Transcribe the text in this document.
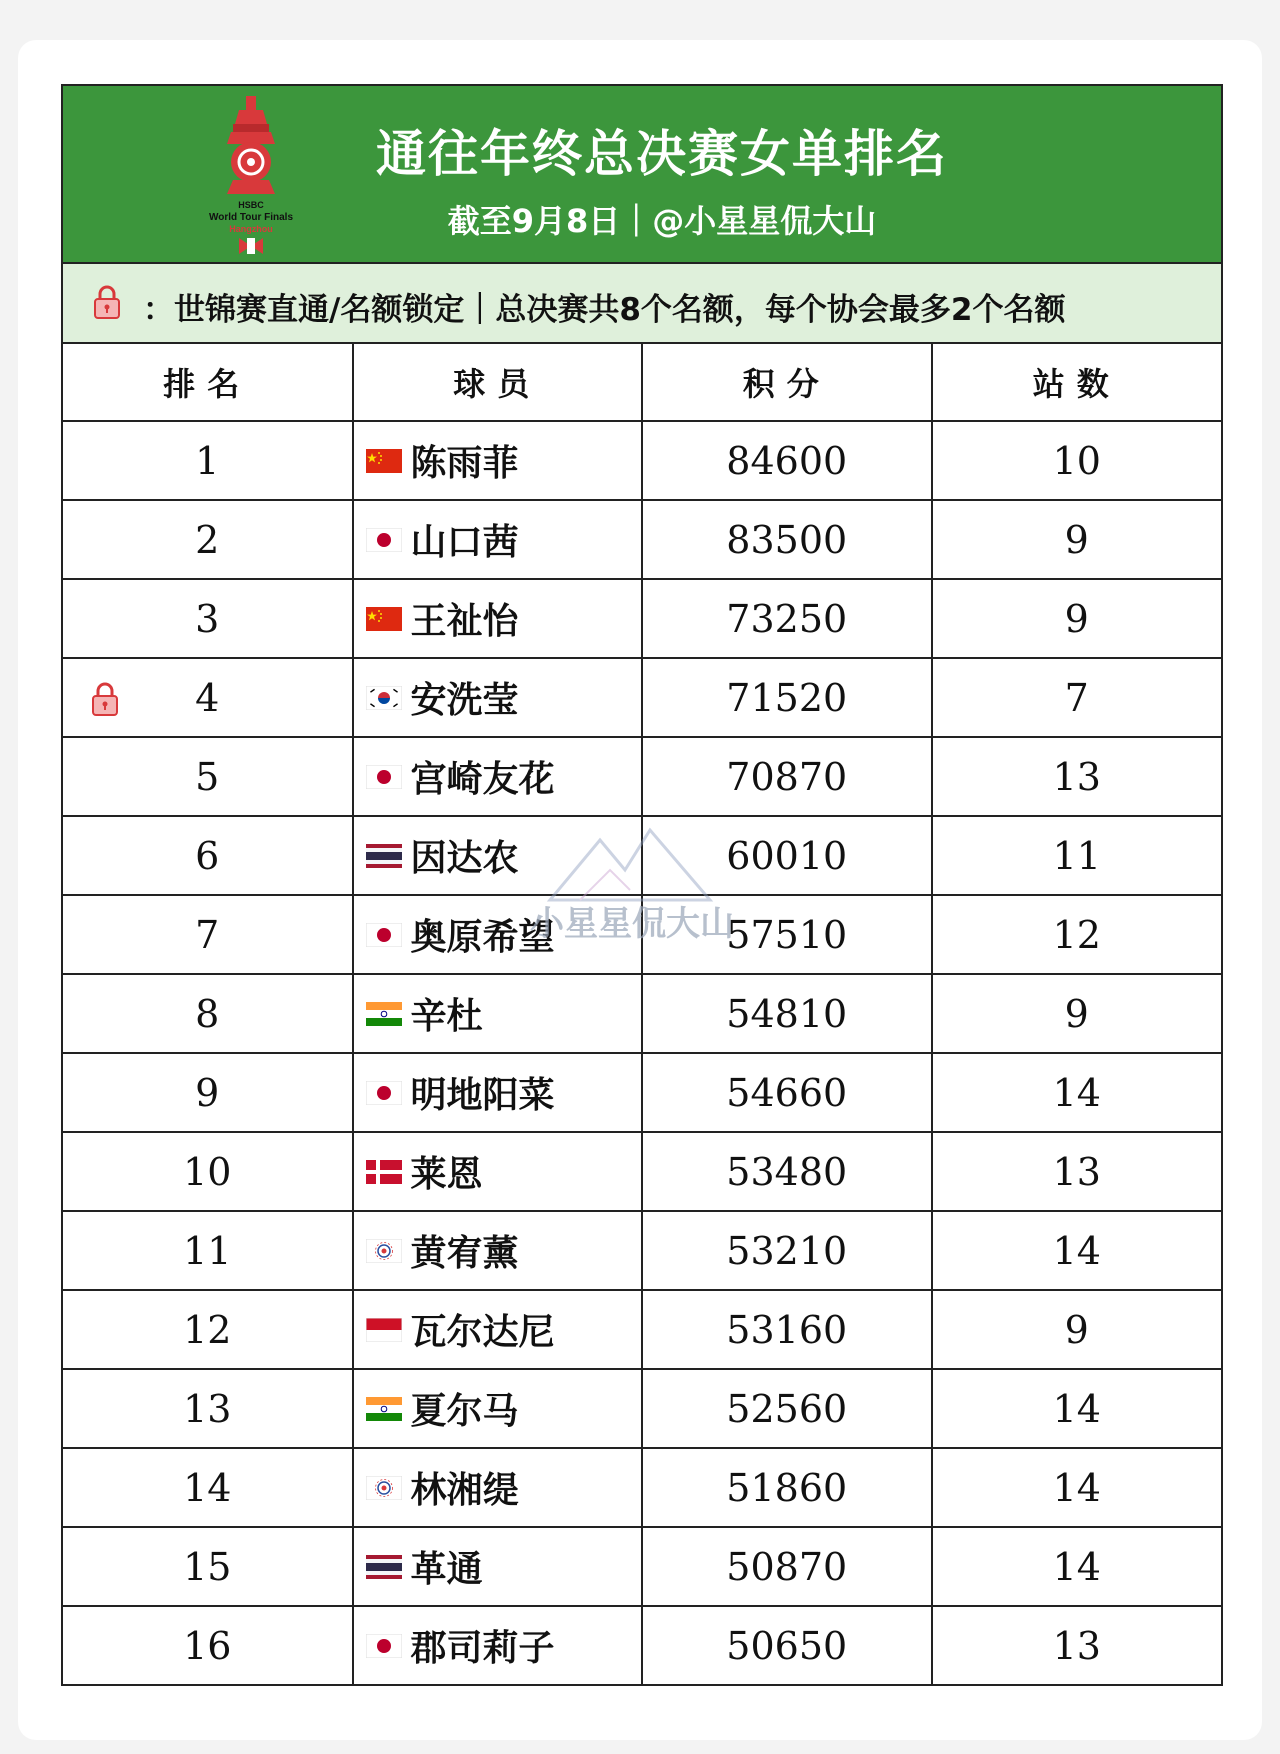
HSBC
World Tour Finals
Hangzhou
通往年终总决赛女单排名
截至9月8日｜@小星星侃大山
：世锦赛直通/名额锁定｜总决赛共8个名额，每个协会最多2个名额
排名	球员	积分	站数
1	陈雨菲	84600	10
2	山口茜	83500	9
3	王祉怡	73250	9

4	安洗莹	71520	7
5	宫崎友花	70870	13
6	因达农	60010	11
7	奥原希望	57510	12
8	辛杜	54810	9
9	明地阳菜	54660	14
10	莱恩	53480	13
11	黄宥薰	53210	14
12	瓦尔达尼	53160	9
13	夏尔马	52560	14
14	林湘缇	51860	14
15	革通	50870	14
16	郡司莉子	50650	13
小星星侃大山
